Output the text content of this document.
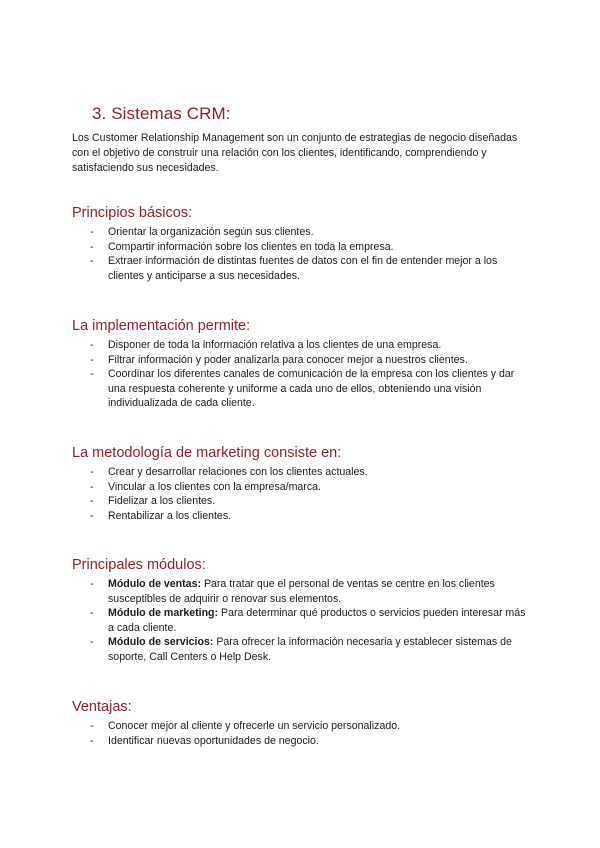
3. Sistemas CRM:

Los Customer Relationship Management son un conjunto de estrategias de negocio diseñadas con el objetivo de construir una relación con los clientes, identificando, comprendiendo y satisfaciendo sus necesidades.

Principios básicos:
- Orientar la organización según sus clientes.
- Compartir información sobre los clientes en toda la empresa.
- Extraer información de distintas fuentes de datos con el fin de entender mejor a los clientes y anticiparse a sus necesidades.
La implementación permite:
- Disponer de toda la información relativa a los clientes de una empresa.
- Filtrar información y poder analizarla para conocer mejor a nuestros clientes.
- Coordinar los diferentes canales de comunicación de la empresa con los clientes y dar una respuesta coherente y uniforme a cada uno de ellos, obteniendo una visión individualizada de cada cliente.
La metodología de marketing consiste en:
- Crear y desarrollar relaciones con los clientes actuales.
- Vincular a los clientes con la empresa/marca.
- Fidelizar a los clientes.
- Rentabilizar a los clientes.
Principales módulos:
- Módulo de ventas: Para tratar que el personal de ventas se centre en los clientes susceptibles de adquirir o renovar sus elementos.
- Módulo de marketing: Para determinar qué productos o servicios pueden interesar más a cada cliente.
- Módulo de servicios: Para ofrecer la información necesaria y establecer sistemas de soporte, Call Centers o Help Desk.
Ventajas:
- Conocer mejor al cliente y ofrecerle un servicio personalizado.
- Identificar nuevas oportunidades de negocio.
